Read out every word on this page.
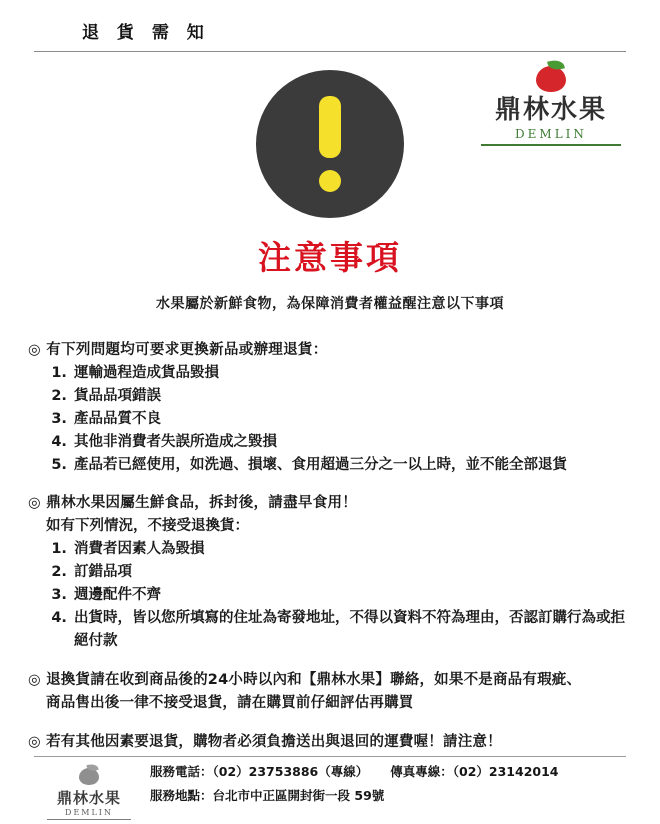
退 貨 需 知
鼎林水果
DEMLIN
注意事項
水果屬於新鮮食物，為保障消費者權益醒注意以下事項
◎ 有下列問題均可要求更換新品或辦理退貨：
1. 運輸過程造成貨品毀損
2. 貨品品項錯誤
3. 產品品質不良
4. 其他非消費者失誤所造成之毀損
5. 產品若已經使用，如洗過、損壞、食用超過三分之一以上時，並不能全部退貨
◎ 鼎林水果因屬生鮮食品，拆封後，請盡早食用！
如有下列情況，不接受退換貨：
1. 消費者因素人為毀損
2. 訂錯品項
3. 週邊配件不齊
4. 出貨時，皆以您所填寫的住址為寄發地址，不得以資料不符為理由，否認訂購行為或拒絕付款
◎ 退換貨請在收到商品後的24小時以內和【鼎林水果】聯絡，如果不是商品有瑕疵、
商品售出後一律不接受退貨，請在購買前仔細評估再購買
◎ 若有其他因素要退貨，購物者必須負擔送出與退回的運費喔！請注意！
鼎林水果
DEMLIN
服務電話：（02）23753886（專線） 傳真專線：（02）23142014
服務地點：台北市中正區開封街一段 59號
